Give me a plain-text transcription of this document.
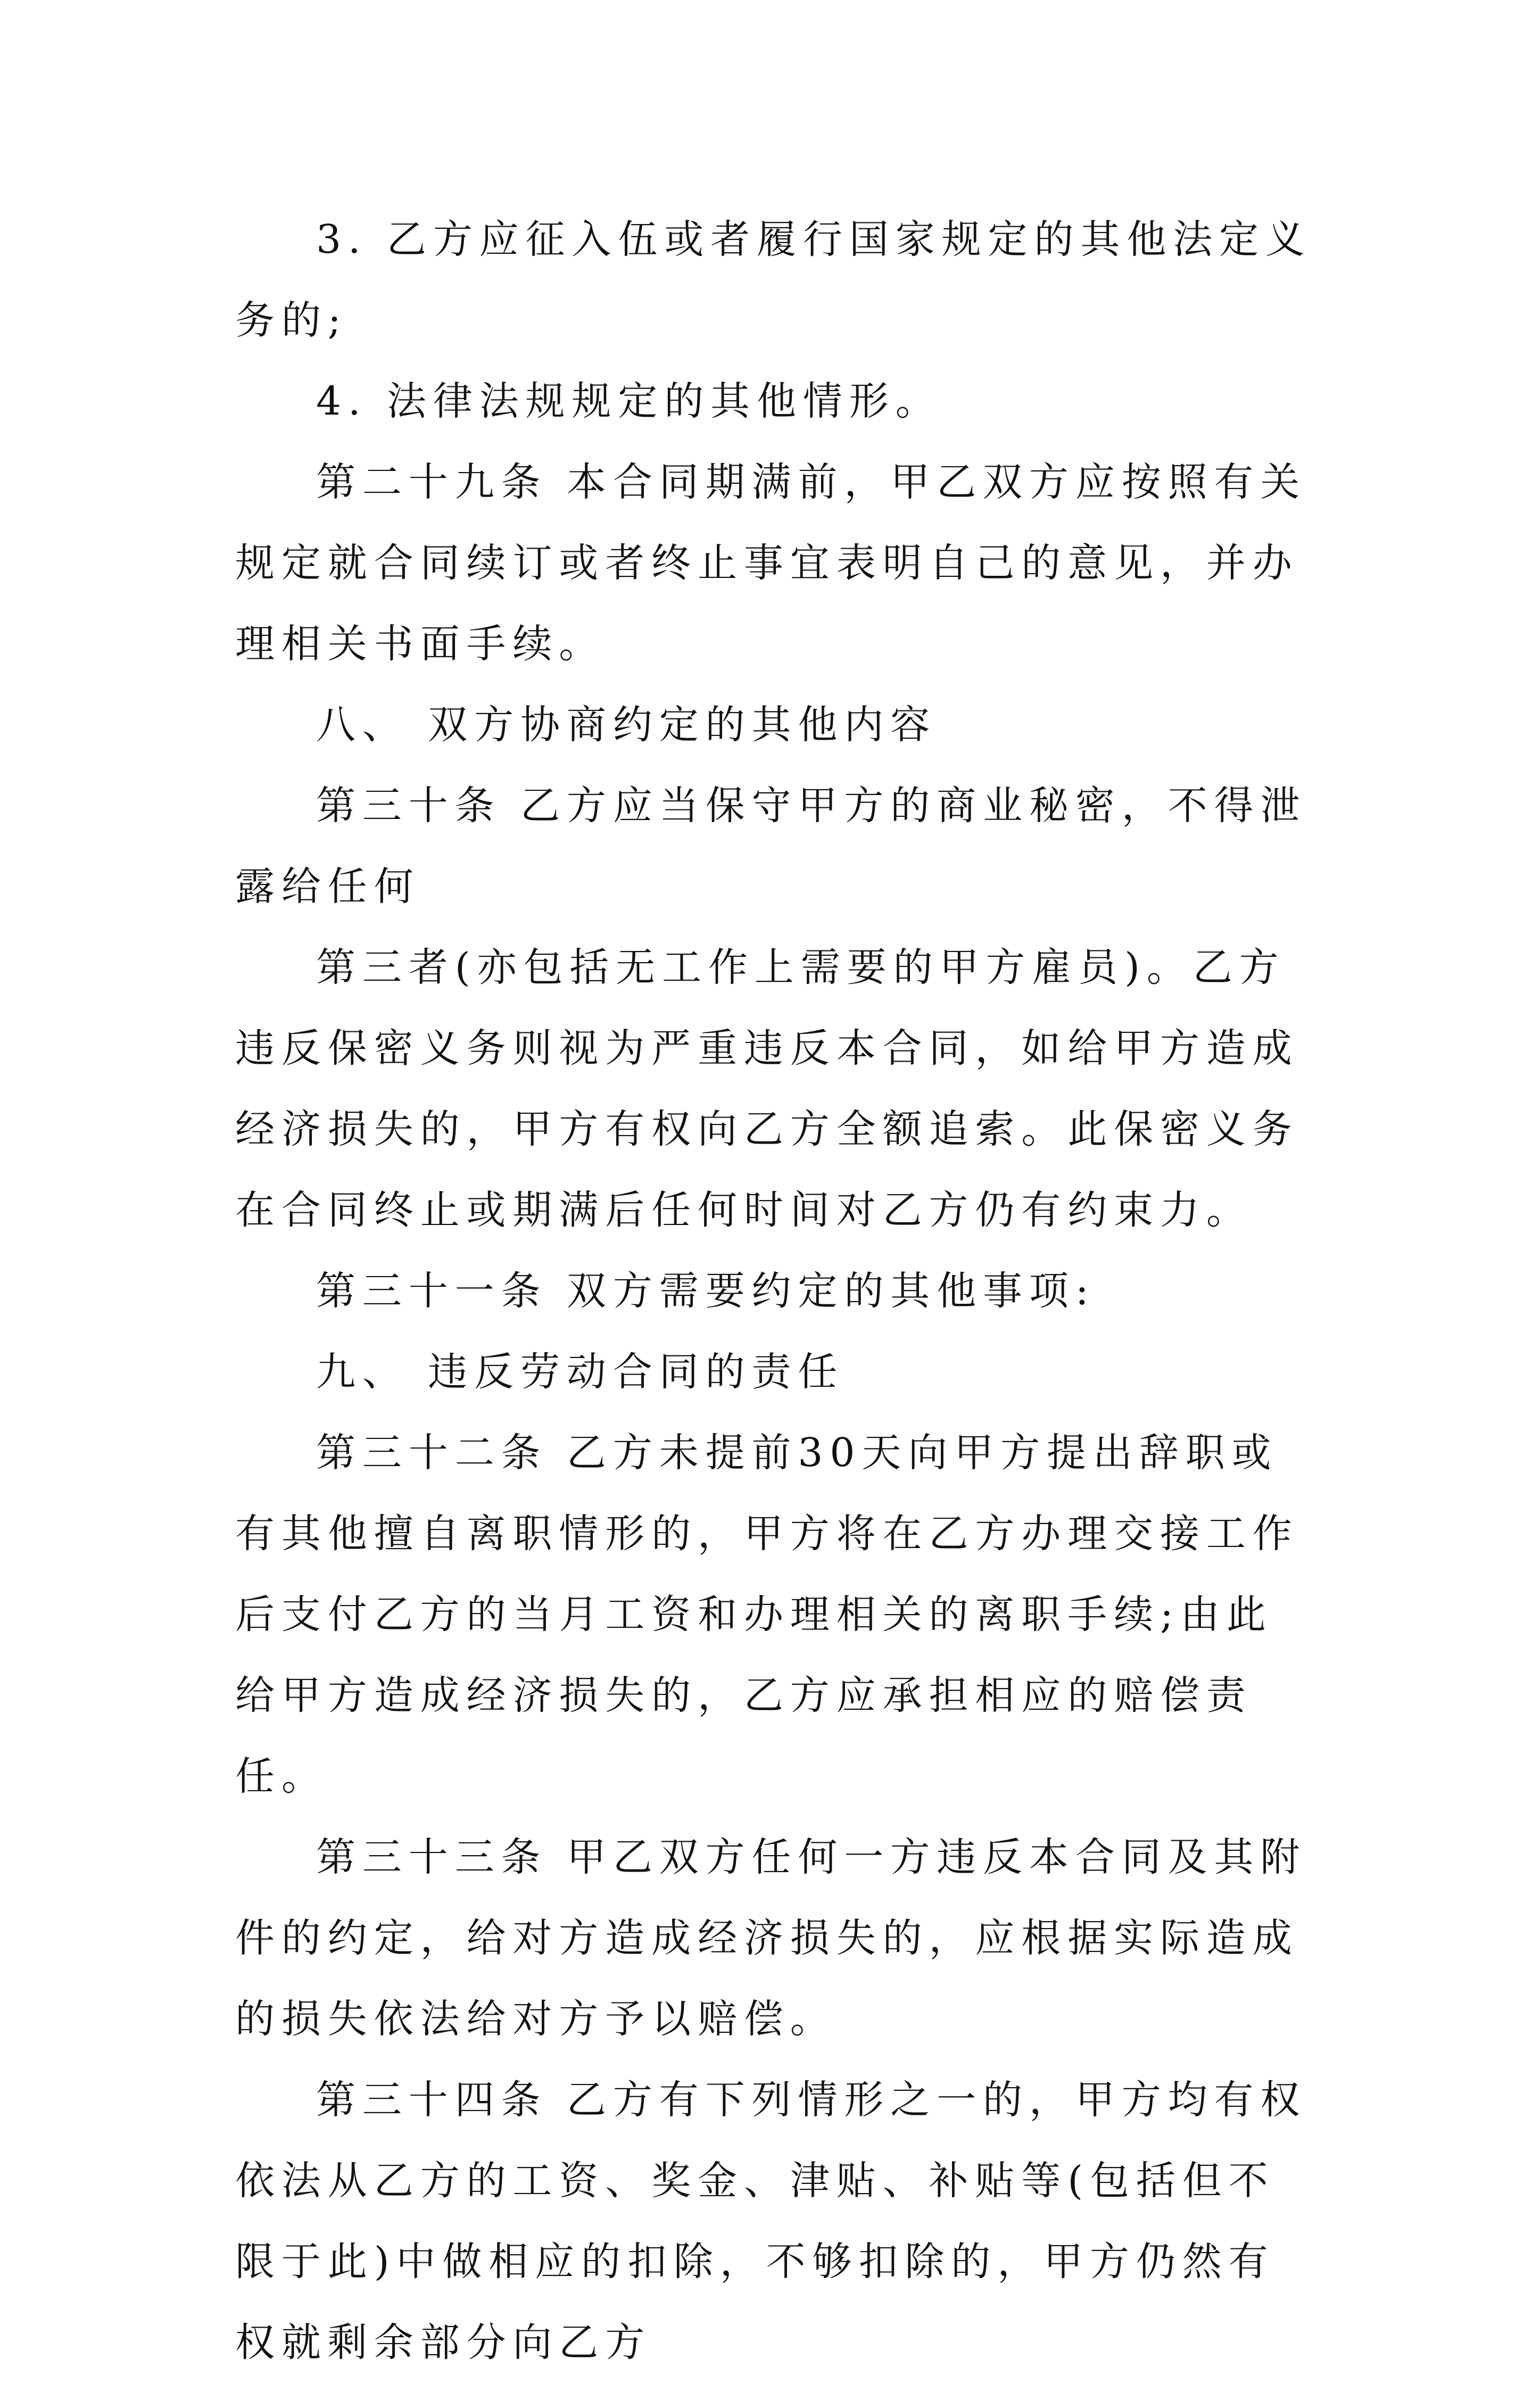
3. 乙方应征入伍或者履行国家规定的其他法定义务的;

4. 法律法规规定的其他情形。

第二十九条 本合同期满前，甲乙双方应按照有关规定就合同续订或者终止事宜表明自己的意见，并办理相关书面手续。

八、 双方协商约定的其他内容

第三十条 乙方应当保守甲方的商业秘密，不得泄露给任何

第三者(亦包括无工作上需要的甲方雇员)。乙方违反保密义务则视为严重违反本合同，如给甲方造成经济损失的，甲方有权向乙方全额追索。此保密义务在合同终止或期满后任何时间对乙方仍有约束力。

第三十一条 双方需要约定的其他事项:

九、 违反劳动合同的责任

第三十二条 乙方未提前30天向甲方提出辞职或有其他擅自离职情形的，甲方将在乙方办理交接工作后支付乙方的当月工资和办理相关的离职手续;由此给甲方造成经济损失的，乙方应承担相应的赔偿责任。

第三十三条 甲乙双方任何一方违反本合同及其附件的约定，给对方造成经济损失的，应根据实际造成的损失依法给对方予以赔偿。

第三十四条 乙方有下列情形之一的，甲方均有权依法从乙方的工资、奖金、津贴、补贴等(包括但不限于此)中做相应的扣除，不够扣除的，甲方仍然有权就剩余部分向乙方
